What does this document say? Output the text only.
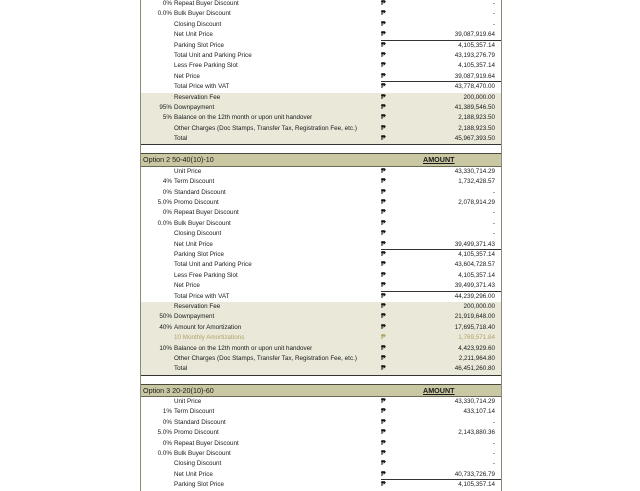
0% Repeat Buyer Discount	₱	-
0.0% Bulk Buyer Discount	₱	-
Closing Discount	₱	-
Net Unit Price	₱	39,087,919.64
Parking Slot Price	₱	4,105,357.14
Total Unit and Parking Price	₱	43,193,276.79
Less Free Parking Slot	₱	4,105,357.14
Net Price	₱	39,087,919.64
Total Price with VAT	₱	43,778,470.00
Reservation Fee	₱	200,000.00
95% Downpayment	₱	41,389,546.50
5% Balance on the 12th month or upon unit handover	₱	2,188,923.50
Other Charges (Doc Stamps, Transfer Tax, Registration Fee, etc.)	₱	2,188,923.50
Total	₱	45,967,393.50
Option 2 50-40(10)-10	AMOUNT
Unit Price	₱	43,330,714.29
4% Term Discount	₱	1,732,428.57
0% Standard Discount	₱	-
5.0% Promo Discount	₱	2,078,914.29
0% Repeat Buyer Discount	₱	-
0.0% Bulk Buyer Discount	₱	-
Closing Discount	₱	-
Net Unit Price	₱	39,499,371.43
Parking Slot Price	₱	4,105,357.14
Total Unit and Parking Price	₱	43,604,728.57
Less Free Parking Slot	₱	4,105,357.14
Net Price	₱	39,499,371.43
Total Price with VAT	₱	44,239,296.00
Reservation Fee	₱	200,000.00
50% Downpayment	₱	21,919,648.00
40% Amount for Amortization	₱	17,695,718.40
10 Monthly Amortizations	₱	1,769,571.84
10% Balance on the 12th month or upon unit handover	₱	4,423,929.60
Other Charges (Doc Stamps, Transfer Tax, Registration Fee, etc.)	₱	2,211,964.80
Total	₱	46,451,260.80
Option 3 20-20(10)-60	AMOUNT
Unit Price	₱	43,330,714.29
1% Term Discount	₱	433,107.14
0% Standard Discount	₱	-
5.0% Promo Discount	₱	2,143,880.36
0% Repeat Buyer Discount	₱	-
0.0% Bulk Buyer Discount	₱	-
Closing Discount	₱	-
Net Unit Price	₱	40,733,726.79
Parking Slot Price	₱	4,105,357.14
